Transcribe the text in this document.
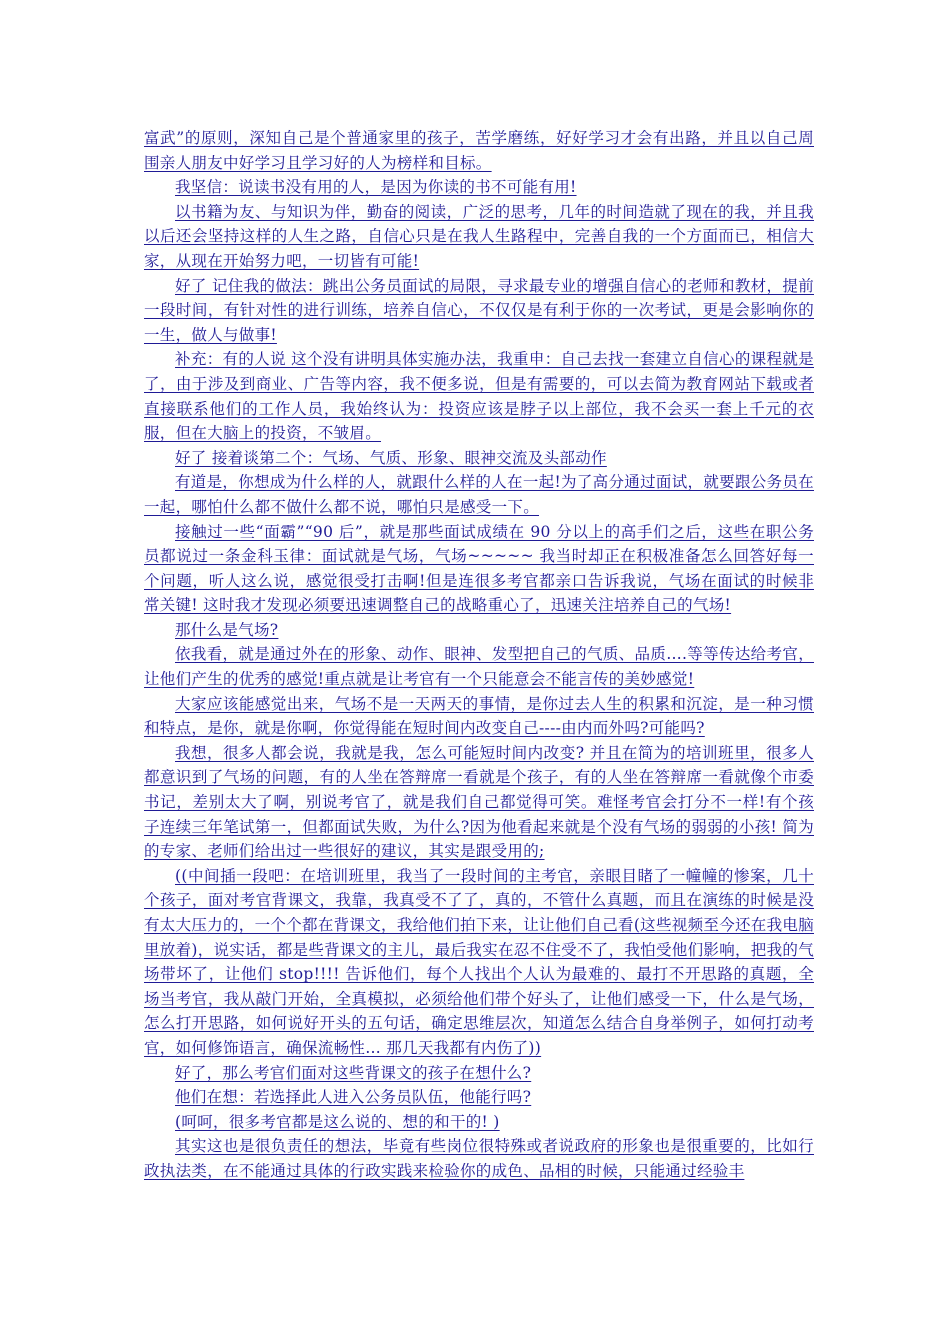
富武”的原则，深知自己是个普通家里的孩子，苦学磨练，好好学习才会有出路，并且以自己周围亲人朋友中好学习且学习好的人为榜样和目标。

我坚信：说读书没有用的人，是因为你读的书不可能有用!

以书籍为友、与知识为伴，勤奋的阅读，广泛的思考，几年的时间造就了现在的我，并且我以后还会坚持这样的人生之路，自信心只是在我人生路程中，完善自我的一个方面而已，相信大家，从现在开始努力吧，一切皆有可能!

好了 记住我的做法：跳出公务员面试的局限，寻求最专业的增强自信心的老师和教材，提前一段时间，有针对性的进行训练，培养自信心，不仅仅是有利于你的一次考试，更是会影响你的一生，做人与做事!

补充：有的人说 这个没有讲明具体实施办法，我重申：自己去找一套建立自信心的课程就是了，由于涉及到商业、广告等内容，我不便多说，但是有需要的，可以去简为教育网站下载或者直接联系他们的工作人员，我始终认为：投资应该是脖子以上部位，我不会买一套上千元的衣服，但在大脑上的投资，不皱眉。

好了 接着谈第二个：气场、气质、形象、眼神交流及头部动作

有道是，你想成为什么样的人，就跟什么样的人在一起!为了高分通过面试，就要跟公务员在一起，哪怕什么都不做什么都不说，哪怕只是感受一下。

接触过一些“面霸”“90 后”，就是那些面试成绩在 90 分以上的高手们之后，这些在职公务员都说过一条金科玉律：面试就是气场，气场~~~~~ 我当时却正在积极准备怎么回答好每一个问题，听人这么说，感觉很受打击啊!但是连很多考官都亲口告诉我说，气场在面试的时候非常关键! 这时我才发现必须要迅速调整自己的战略重心了，迅速关注培养自己的气场!

那什么是气场?

依我看，就是通过外在的形象、动作、眼神、发型把自己的气质、品质….等等传达给考官，让他们产生的优秀的感觉!重点就是让考官有一个只能意会不能言传的美妙感觉!

大家应该能感觉出来，气场不是一天两天的事情，是你过去人生的积累和沉淀，是一种习惯和特点，是你，就是你啊，你觉得能在短时间内改变自己----由内而外吗?可能吗?

我想，很多人都会说，我就是我，怎么可能短时间内改变? 并且在简为的培训班里，很多人都意识到了气场的问题，有的人坐在答辩席一看就是个孩子，有的人坐在答辩席一看就像个市委书记，差别太大了啊，别说考官了，就是我们自己都觉得可笑。难怪考官会打分不一样!有个孩子连续三年笔试第一，但都面试失败，为什么?因为他看起来就是个没有气场的弱弱的小孩! 简为的专家、老师们给出过一些很好的建议，其实是跟受用的;

((中间插一段吧：在培训班里，我当了一段时间的主考官，亲眼目睹了一幢幢的惨案，几十个孩子，面对考官背课文，我靠，我真受不了了，真的，不管什么真题，而且在演练的时候是没有太大压力的，一个个都在背课文，我给他们拍下来，让让他们自己看(这些视频至今还在我电脑里放着)，说实话，都是些背课文的主儿，最后我实在忍不住受不了，我怕受他们影响，把我的气场带坏了，让他们 stop!!!! 告诉他们，每个人找出个人认为最难的、最打不开思路的真题，全场当考官，我从敲门开始，全真模拟，必须给他们带个好头了，让他们感受一下，什么是气场，怎么打开思路，如何说好开头的五句话，确定思维层次，知道怎么结合自身举例子，如何打动考官，如何修饰语言，确保流畅性… 那几天我都有内伤了))

好了，那么考官们面对这些背课文的孩子在想什么?

他们在想：若选择此人进入公务员队伍，他能行吗?

(呵呵，很多考官都是这么说的、想的和干的! )

其实这也是很负责任的想法，毕竟有些岗位很特殊或者说政府的形象也是很重要的，比如行政执法类，在不能通过具体的行政实践来检验你的成色、品相的时候，只能通过经验丰
